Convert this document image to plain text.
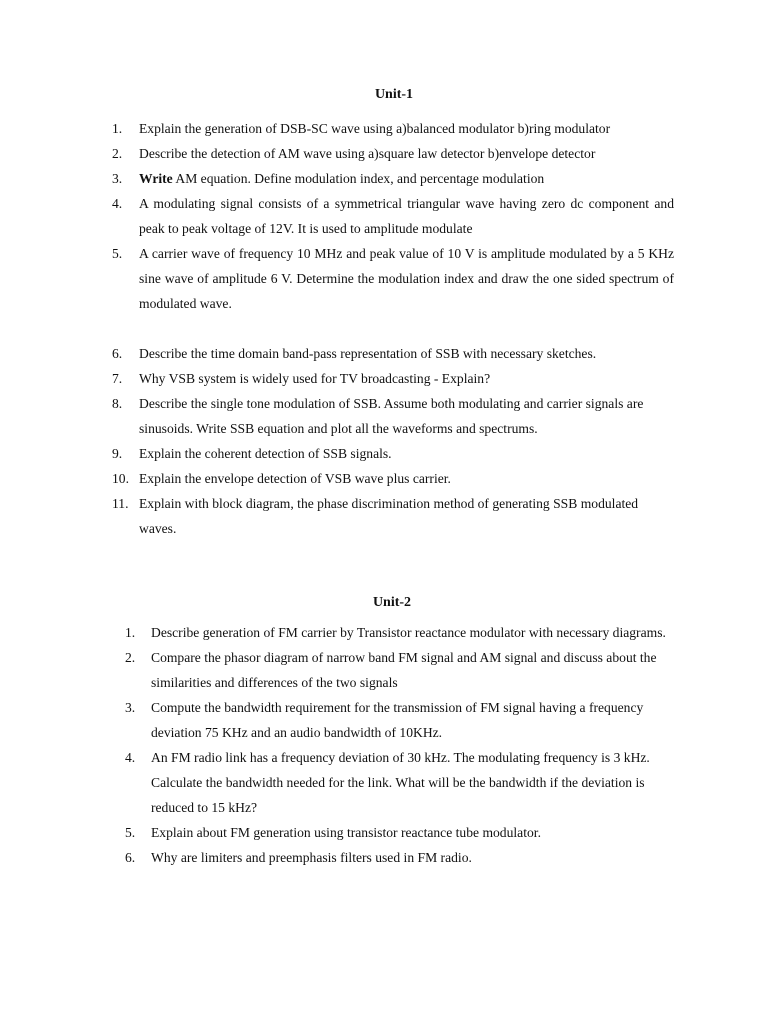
Unit-1
1. Explain the generation of DSB-SC wave using a)balanced modulator b)ring modulator
2. Describe the detection of AM wave using a)square law detector b)envelope detector
3. Write AM equation. Define modulation index, and percentage modulation
4. A modulating signal consists of a symmetrical triangular wave having zero dc component and peak to peak voltage of 12V. It is used to amplitude modulate
5. A carrier wave of frequency 10 MHz and peak value of 10 V is amplitude modulated by a 5 KHz sine wave of amplitude 6 V. Determine the modulation index and draw the one sided spectrum of modulated wave.
6. Describe the time domain band-pass representation of SSB with necessary sketches.
7. Why VSB system is widely used for TV broadcasting - Explain?
8. Describe the single tone modulation of SSB. Assume both modulating and carrier signals are sinusoids. Write SSB equation and plot all the waveforms and spectrums.
9. Explain the coherent detection of SSB signals.
10. Explain the envelope detection of VSB wave plus carrier.
11. Explain with block diagram, the phase discrimination method of generating SSB modulated waves.
Unit-2
1. Describe generation of FM carrier by Transistor reactance modulator with necessary diagrams.
2. Compare the phasor diagram of narrow band FM signal and AM signal and discuss about the similarities and differences of the two signals
3. Compute the bandwidth requirement for the transmission of FM signal having a frequency deviation 75 KHz and an audio bandwidth of 10KHz.
4. An FM radio link has a frequency deviation of 30 kHz. The modulating frequency is 3 kHz. Calculate the bandwidth needed for the link. What will be the bandwidth if the deviation is reduced to 15 kHz?
5. Explain about FM generation using transistor reactance tube modulator.
6. Why are limiters and preemphasis filters used in FM radio.
